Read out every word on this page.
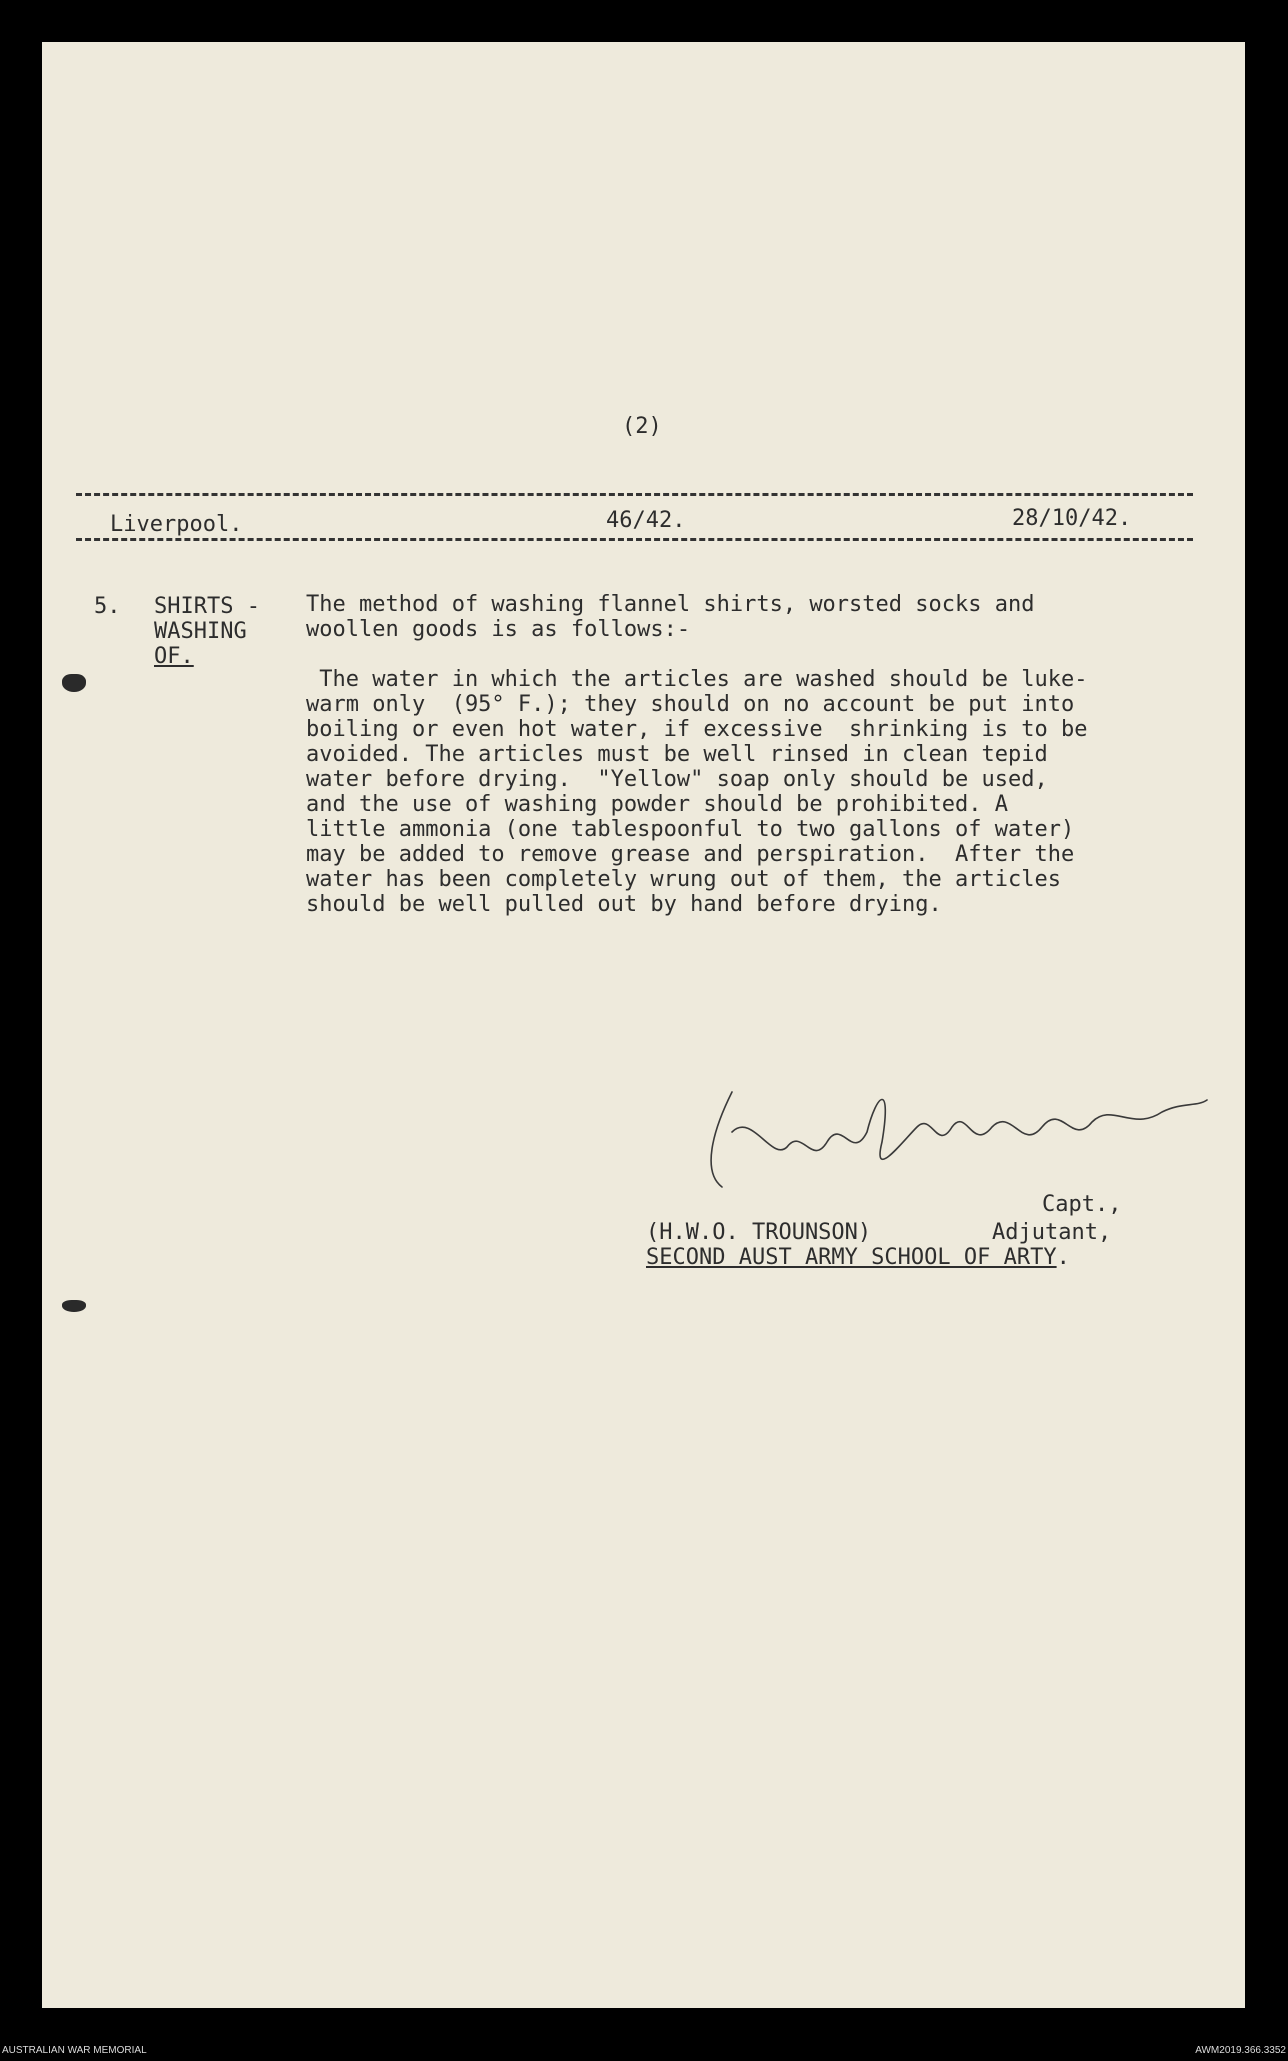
(2)
Liverpool.	46/42.	28/10/42.
5. SHIRTS -
WASHING
OF.
The method of washing flannel shirts, worsted socks and
woollen goods is as follows:-
The water in which the articles are washed should be luke-
warm only  (95° F.); they should on no account be put into
boiling or even hot water, if excessive  shrinking is to be
avoided. The articles must be well rinsed in clean tepid
water before drying.  "Yellow" soap only should be used,
and the use of washing powder should be prohibited. A
little ammonia (one tablespoonful to two gallons of water)
may be added to remove grease and perspiration.  After the
water has been completely wrung out of them, the articles
should be well pulled out by hand before drying.
Capt.,
(H.W.O. TROUNSON)	Adjutant,
SECOND AUST ARMY SCHOOL OF ARTY.
AUSTRALIAN WAR MEMORIAL	AWM2019.366.3352
